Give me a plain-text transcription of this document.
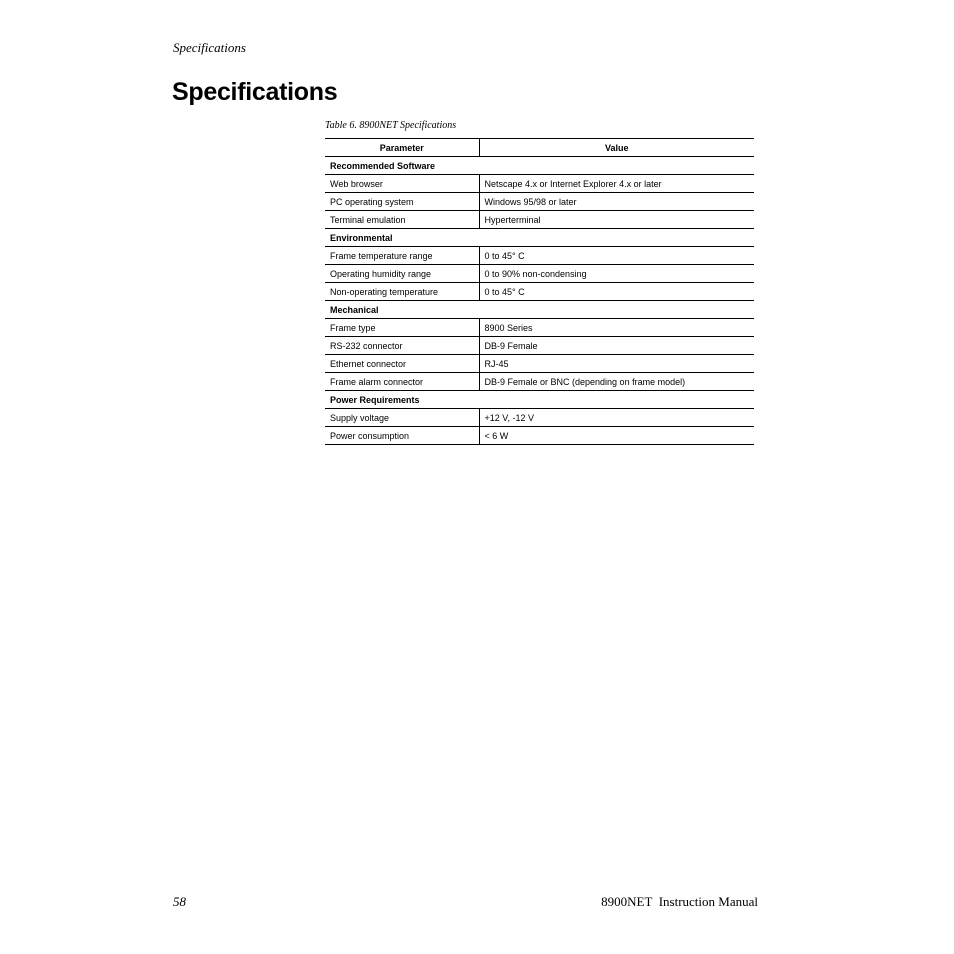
Specifications
Specifications
Table 6. 8900NET Specifications
Parameter	Value
Recommended Software	
Web browser	Netscape 4.x or Internet Explorer 4.x or later
PC operating system	Windows 95/98 or later
Terminal emulation	Hyperterminal
Environmental	
Frame temperature range	0 to 45° C
Operating humidity range	0 to 90% non-condensing
Non-operating temperature	0 to 45° C
Mechanical	
Frame type	8900 Series
RS-232 connector	DB-9 Female
Ethernet connector	RJ-45
Frame alarm connector	DB-9 Female or BNC (depending on frame model)
Power Requirements	
Supply voltage	+12 V, -12 V
Power consumption	< 6 W
58	8900NET  Instruction Manual
